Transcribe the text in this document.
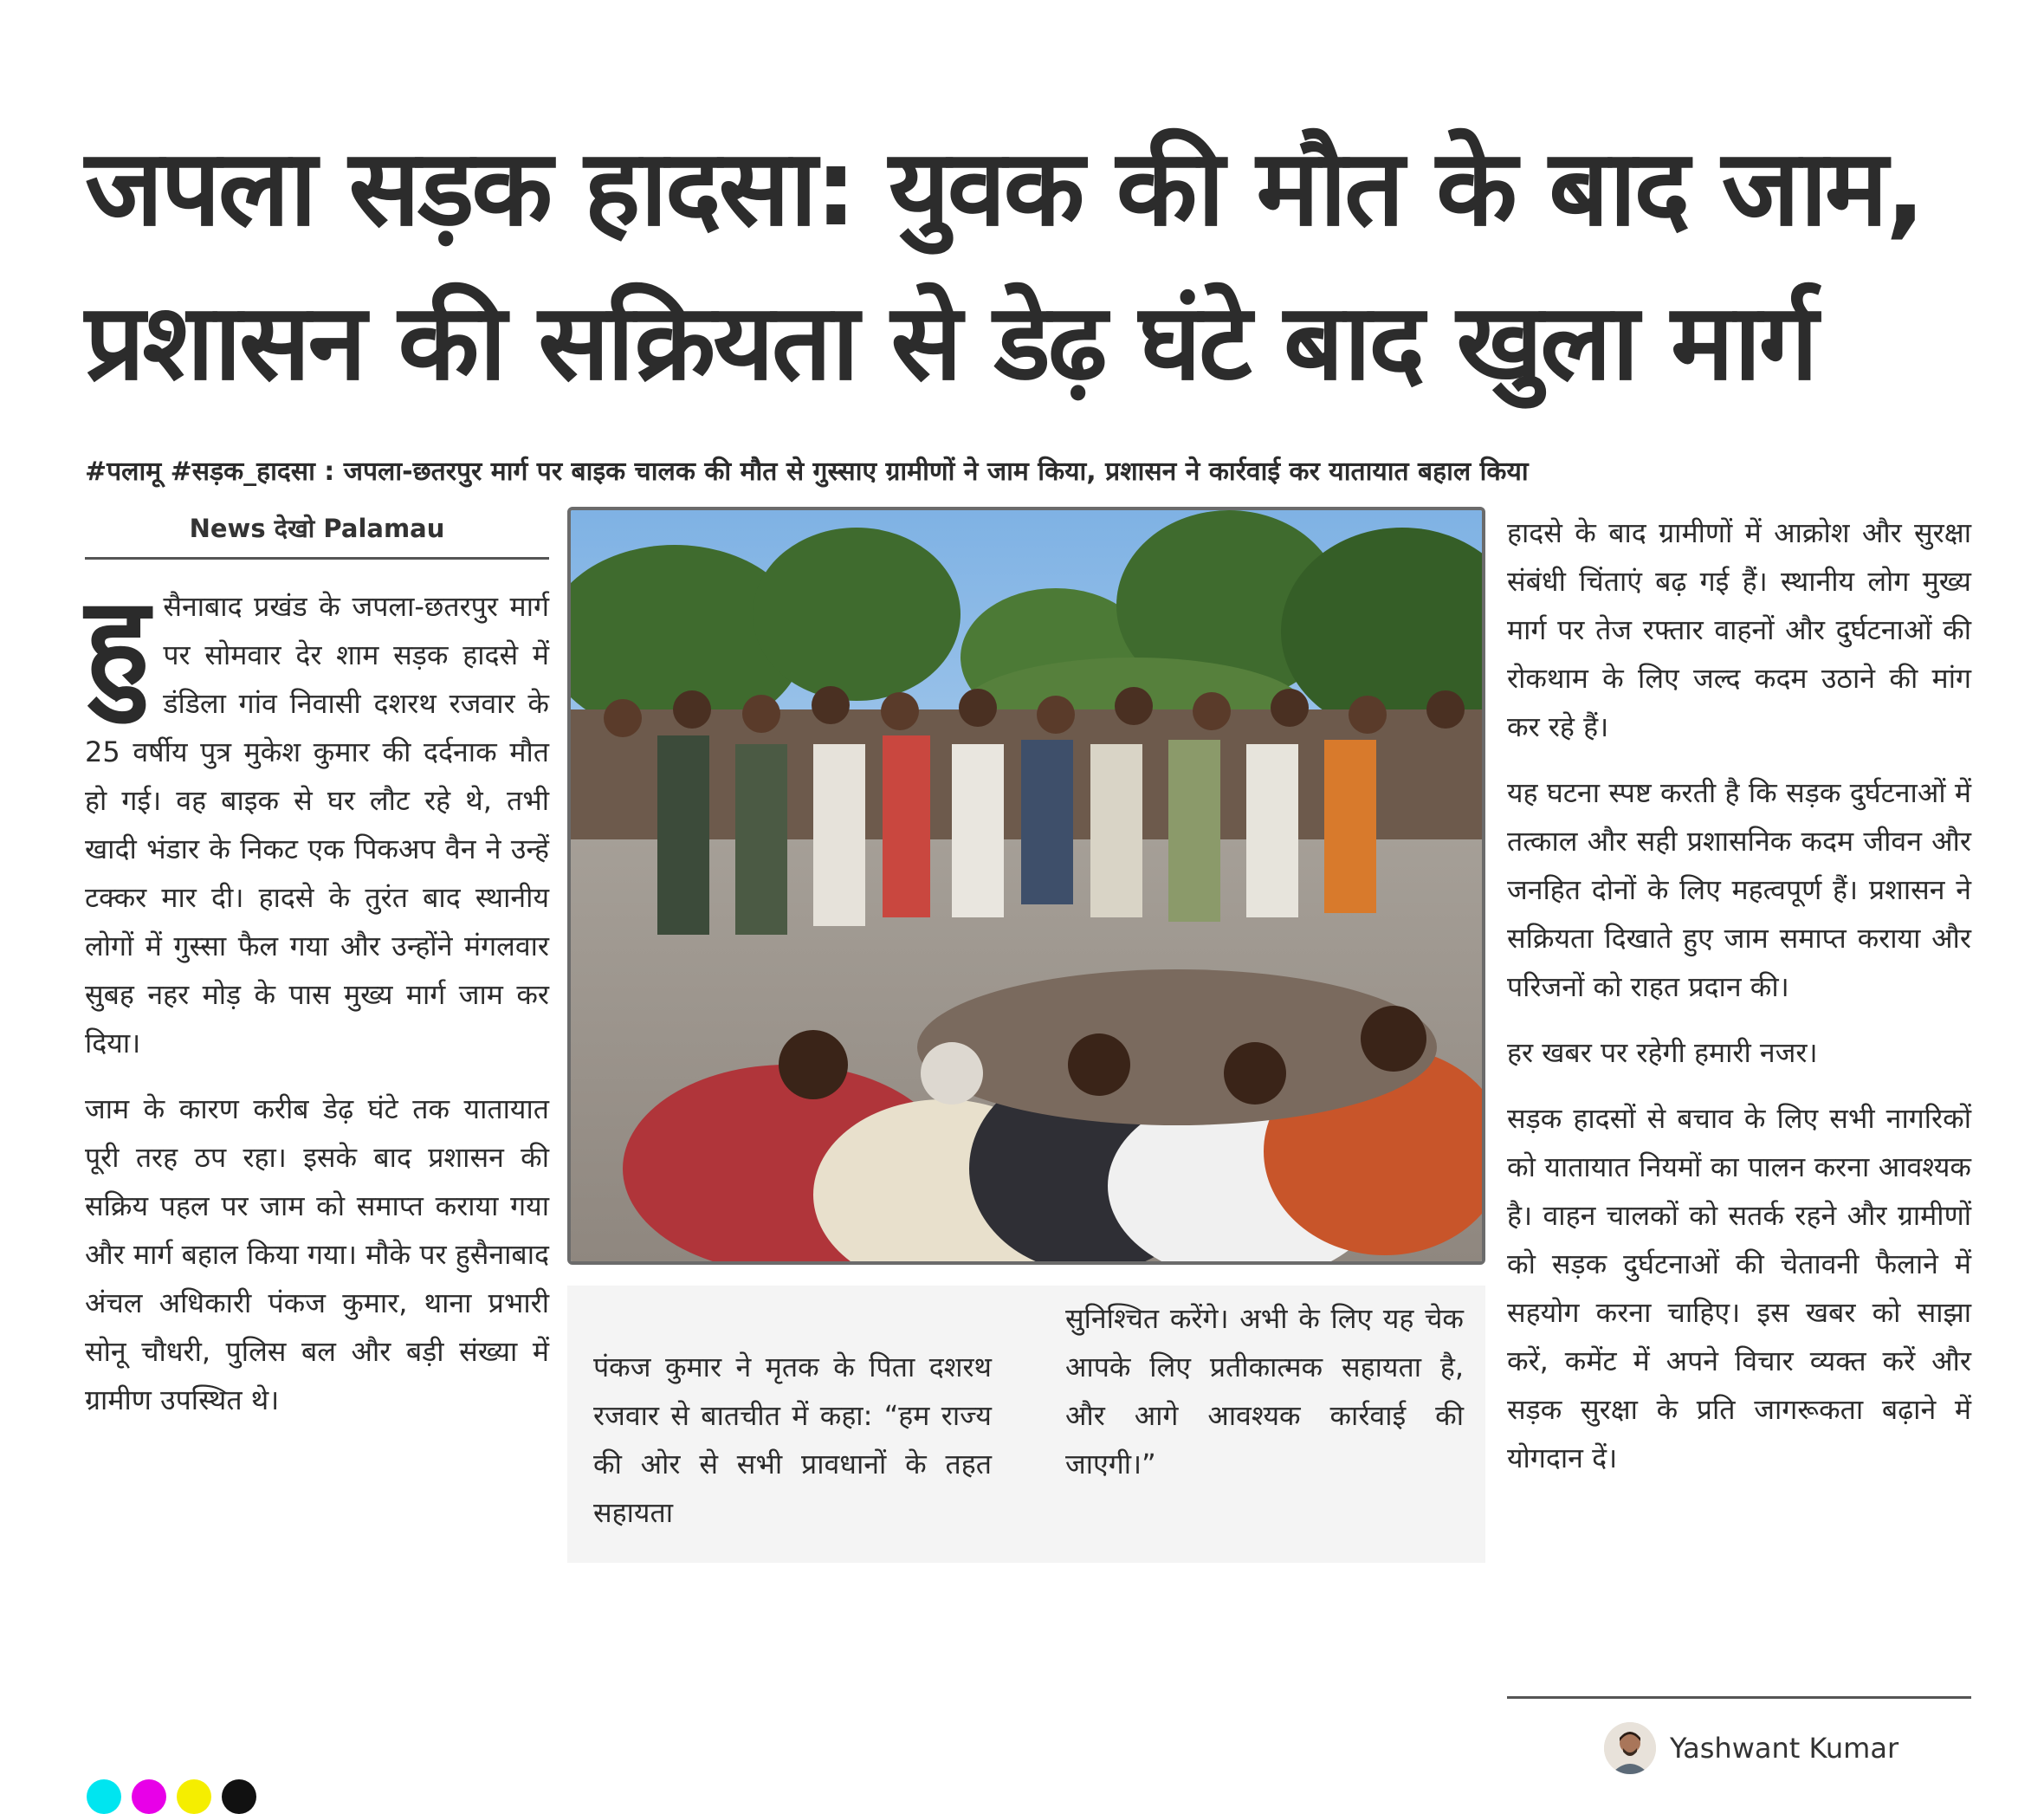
जपला सड़क हादसा: युवक की मौत के बाद जाम,
प्रशासन की सक्रियता से डेढ़ घंटे बाद खुला मार्ग

#पलामू #सड़क_हादसा : जपला-छतरपुर मार्ग पर बाइक चालक की मौत से गुस्साए ग्रामीणों ने जाम किया, प्रशासन ने कार्रवाई कर यातायात बहाल किया

News देखो Palamau

हुसैनाबाद प्रखंड के जपला-छतरपुर मार्ग पर सोमवार देर शाम सड़क हादसे में डंडिला गांव निवासी दशरथ रजवार के 25 वर्षीय पुत्र मुकेश कुमार की दर्दनाक मौत हो गई। वह बाइक से घर लौट रहे थे, तभी खादी भंडार के निकट एक पिकअप वैन ने उन्हें टक्कर मार दी। हादसे के तुरंत बाद स्थानीय लोगों में गुस्सा फैल गया और उन्होंने मंगलवार सुबह नहर मोड़ के पास मुख्य मार्ग जाम कर दिया।

जाम के कारण करीब डेढ़ घंटे तक यातायात पूरी तरह ठप रहा। इसके बाद प्रशासन की सक्रिय पहल पर जाम को समाप्त कराया गया और मार्ग बहाल किया गया। मौके पर हुसैनाबाद अंचल अधिकारी पंकज कुमार, थाना प्रभारी सोनू चौधरी, पुलिस बल और बड़ी संख्या में ग्रामीण उपस्थित थे।

पंकज कुमार ने मृतक के पिता दशरथ रजवार से बातचीत में कहा: “हम राज्य की ओर से सभी प्रावधानों के तहत सहायता
सुनिश्चित करेंगे। अभी के लिए यह चेक आपके लिए प्रतीकात्मक सहायता है, और आगे आवश्यक कार्रवाई की जाएगी।”

हादसे के बाद ग्रामीणों में आक्रोश और सुरक्षा संबंधी चिंताएं बढ़ गई हैं। स्थानीय लोग मुख्य मार्ग पर तेज रफ्तार वाहनों और दुर्घटनाओं की रोकथाम के लिए जल्द कदम उठाने की मांग कर रहे हैं।

यह घटना स्पष्ट करती है कि सड़क दुर्घटनाओं में तत्काल और सही प्रशासनिक कदम जीवन और जनहित दोनों के लिए महत्वपूर्ण हैं। प्रशासन ने सक्रियता दिखाते हुए जाम समाप्त कराया और परिजनों को राहत प्रदान की।

हर खबर पर रहेगी हमारी नजर।

सड़क हादसों से बचाव के लिए सभी नागरिकों को यातायात नियमों का पालन करना आवश्यक है। वाहन चालकों को सतर्क रहने और ग्रामीणों को सड़क दुर्घटनाओं की चेतावनी फैलाने में सहयोग करना चाहिए। इस खबर को साझा करें, कमेंट में अपने विचार व्यक्त करें और सड़क सुरक्षा के प्रति जागरूकता बढ़ाने में योगदान दें।

Yashwant Kumar
